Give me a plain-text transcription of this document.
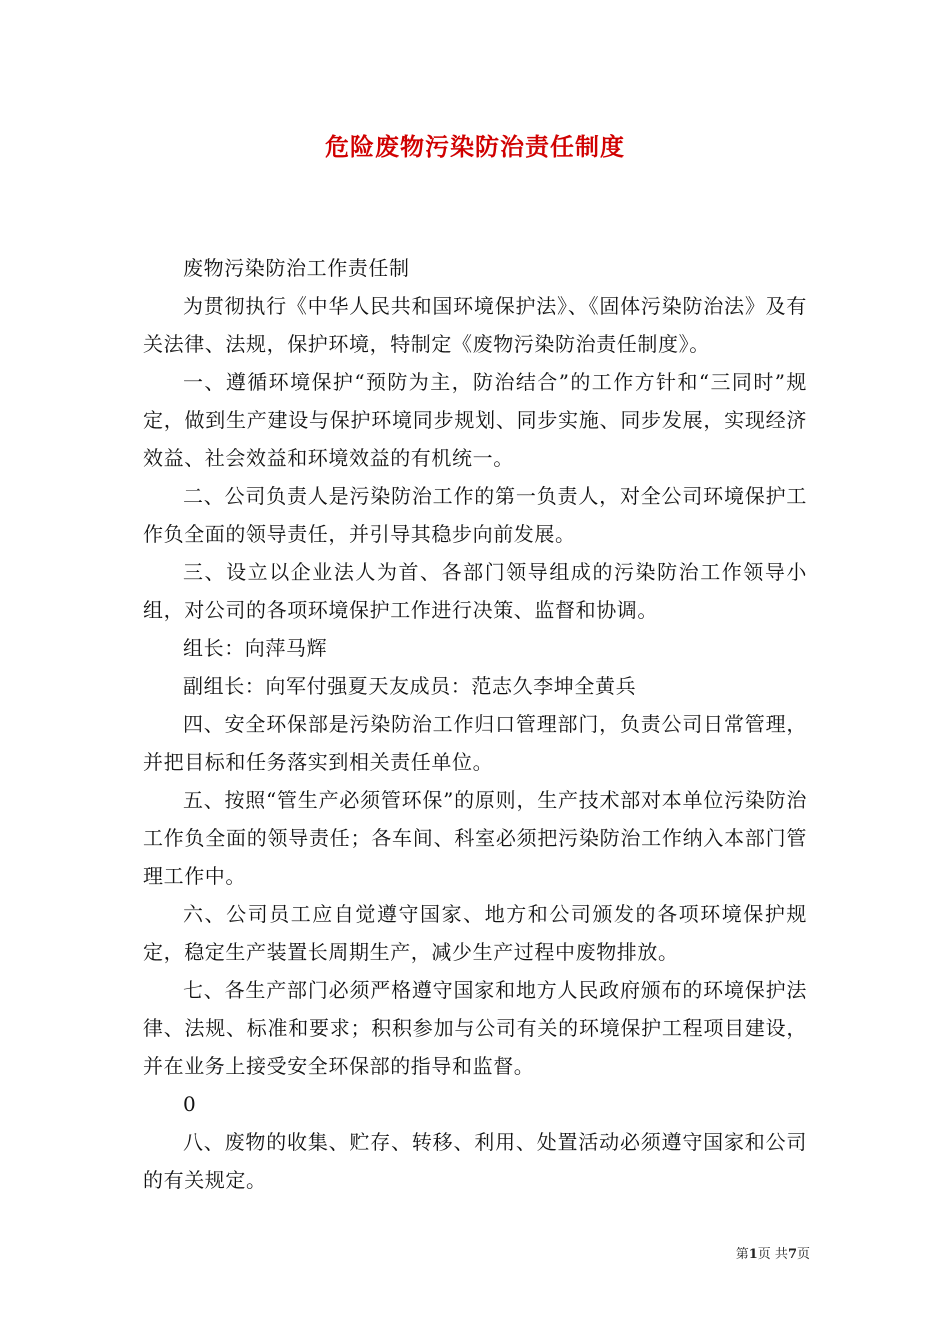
危险废物污染防治责任制度

废物污染防治工作责任制

为贯彻执行《中华人民共和国环境保护法》、《固体污染防治法》及有关法律、法规，保护环境，特制定《废物污染防治责任制度》。

一、遵循环境保护“预防为主，防治结合”的工作方针和“三同时”规定，做到生产建设与保护环境同步规划、同步实施、同步发展，实现经济效益、社会效益和环境效益的有机统一。

二、公司负责人是污染防治工作的第一负责人，对全公司环境保护工作负全面的领导责任，并引导其稳步向前发展。

三、设立以企业法人为首、各部门领导组成的污染防治工作领导小组，对公司的各项环境保护工作进行决策、监督和协调。

组长：向萍马辉

副组长：向军付强夏天友成员：范志久李坤全黄兵

四、安全环保部是污染防治工作归口管理部门，负责公司日常管理，并把目标和任务落实到相关责任单位。

五、按照“管生产必须管环保”的原则，生产技术部对本单位污染防治工作负全面的领导责任；各车间、科室必须把污染防治工作纳入本部门管理工作中。

六、公司员工应自觉遵守国家、地方和公司颁发的各项环境保护规定，稳定生产装置长周期生产，减少生产过程中废物排放。

七、各生产部门必须严格遵守国家和地方人民政府颁布的环境保护法律、法规、标准和要求；积积参加与公司有关的环境保护工程项目建设，并在业务上接受安全环保部的指导和监督。

0

八、废物的收集、贮存、转移、利用、处置活动必须遵守国家和公司的有关规定。

第1页 共7页
